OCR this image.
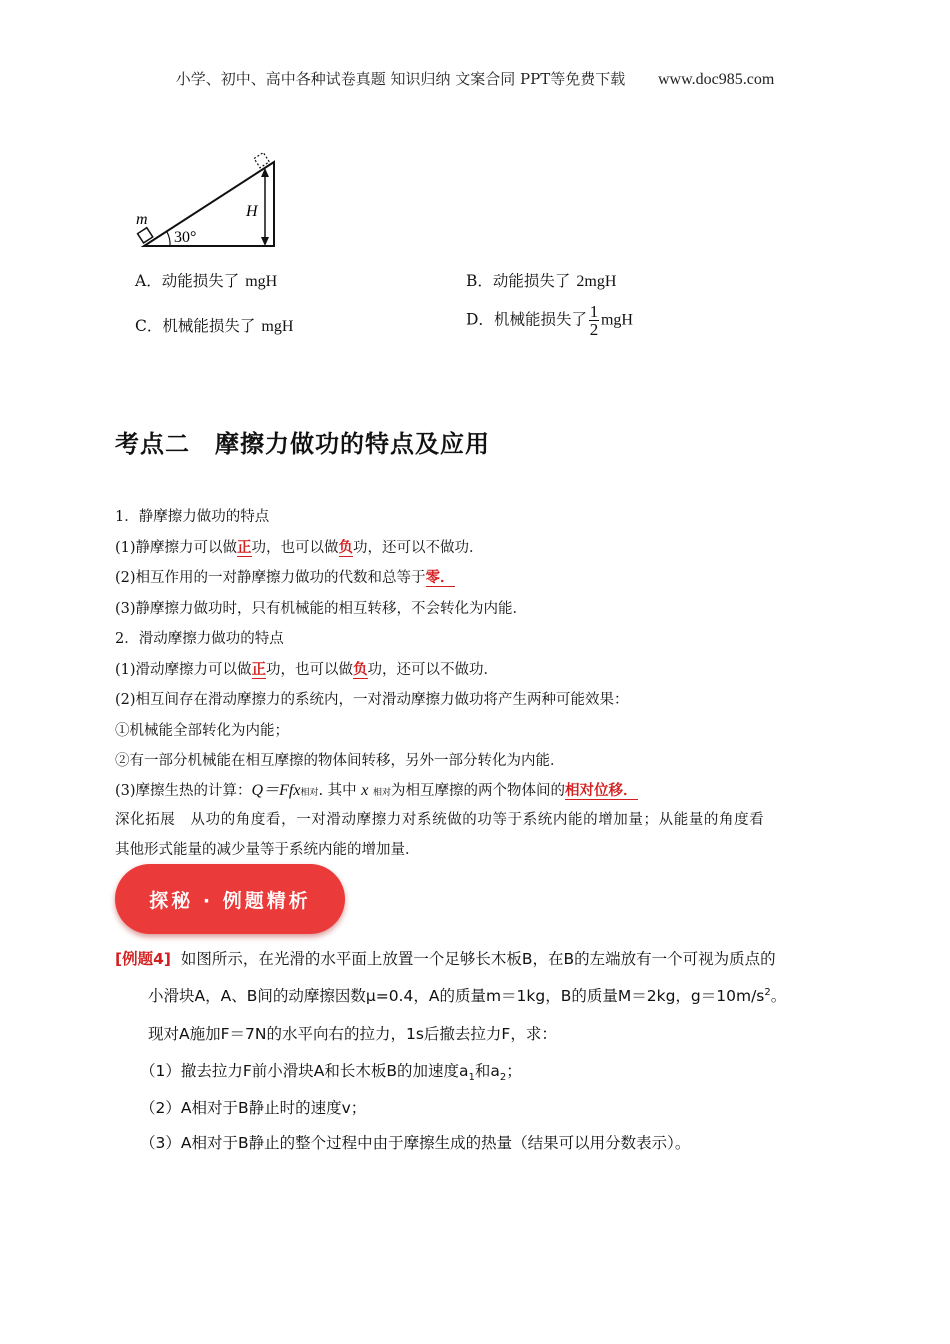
小学、初中、高中各种试卷真题 知识归纳 文案合同 PPT等免费下载 www.doc985.com
m
30°
H
A．动能损失了 mgH	B．动能损失了 2mgH
C．机械能损失了 mgH	D．机械能损失了 $\frac{1}{2}$ mgH
考点二　摩擦力做功的特点及应用
1．静摩擦力做功的特点
(1)静摩擦力可以做正功，也可以做负功，还可以不做功．
(2)相互作用的一对静摩擦力做功的代数和总等于零．
(3)静摩擦力做功时，只有机械能的相互转移，不会转化为内能．
2．滑动摩擦力做功的特点
(1)滑动摩擦力可以做正功，也可以做负功，还可以不做功．
(2)相互间存在滑动摩擦力的系统内，一对滑动摩擦力做功将产生两种可能效果：
①机械能全部转化为内能；
②有一部分机械能在相互摩擦的物体间转移，另外一部分转化为内能．
(3)摩擦生热的计算：Q＝Ffx相对. 其中 x 相对为相互摩擦的两个物体间的相对位移．
深化拓展　从功的角度看，一对滑动摩擦力对系统做的功等于系统内能的增加量；从能量的角度看
其他形式能量的减少量等于系统内能的增加量．
探秘 · 例题精析
[例题4] 如图所示，在光滑的水平面上放置一个足够长木板B，在B的左端放有一个可视为质点的
小滑块A，A、B间的动摩擦因数μ=0.4，A的质量m＝1kg，B的质量M＝2kg，$g=10m/s^2$。
现对A施加F＝7N的水平向右的拉力，1s后撤去拉力F，求：
（1）撤去拉力F前小滑块A和长木板B的加速度$a_1$和$a_2$；
（2）A相对于B静止时的速度v；
（3）A相对于B静止的整个过程中由于摩擦生成的热量（结果可以用分数表示）。
